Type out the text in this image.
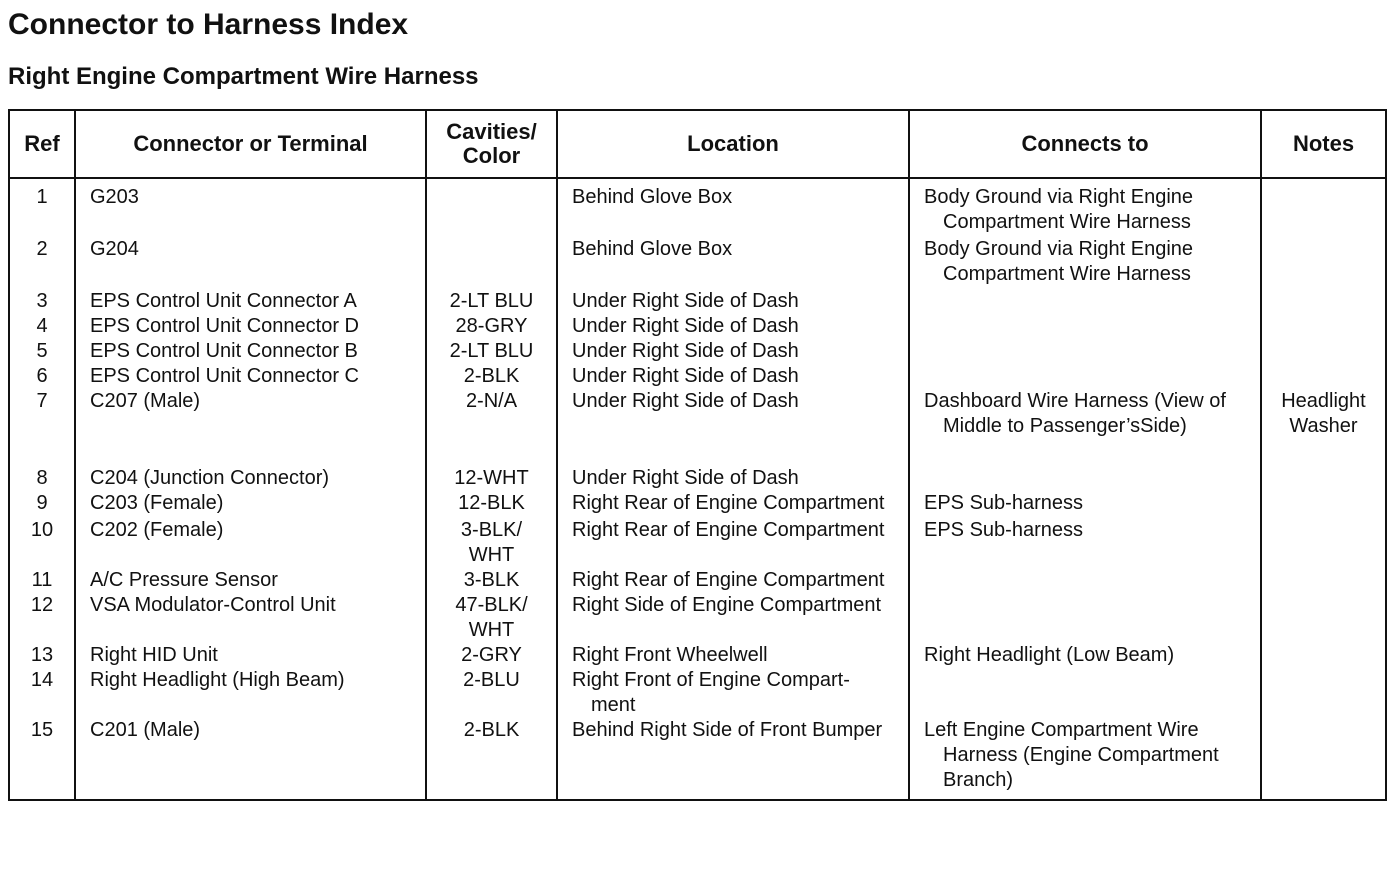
Connector to Harness Index
Right Engine Compartment Wire Harness
Ref	Connector or Terminal	Cavities/
Color	Location	Connects to	Notes
1	G203		Behind Glove Box	Body Ground via Right Engine
Compartment Wire Harness	

2	G204		Behind Glove Box	Body Ground via Right Engine
Compartment Wire Harness	

3	EPS Control Unit Connector A	2-LT BLU	Under Right Side of Dash		
4	EPS Control Unit Connector D	28-GRY	Under Right Side of Dash		
5	EPS Control Unit Connector B	2-LT BLU	Under Right Side of Dash		
6	EPS Control Unit Connector C	2-BLK	Under Right Side of Dash		
7	C207 (Male)	2-N/A	Under Right Side of Dash	Dashboard Wire Harness (View of
Middle to Passenger’sSide)	Headlight
Washer

8	C204 (Junction Connector)	12-WHT	Under Right Side of Dash		
9	C203 (Female)	12-BLK	Right Rear of Engine Compartment	EPS Sub-harness	

10	C202 (Female)	3-BLK/
WHT	Right Rear of Engine Compartment	EPS Sub-harness	
11	A/C Pressure Sensor	3-BLK	Right Rear of Engine Compartment		
12	VSA Modulator-Control Unit	47-BLK/
WHT	Right Side of Engine Compartment		
13	Right HID Unit	2-GRY	Right Front Wheelwell	Right Headlight (Low Beam)	
14	Right Headlight (High Beam)	2-BLU	Right Front of Engine Compart-
ment		

15	C201 (Male)	2-BLK	Behind Right Side of Front Bumper	Left Engine Compartment Wire
Harness (Engine Compartment
Branch)	
